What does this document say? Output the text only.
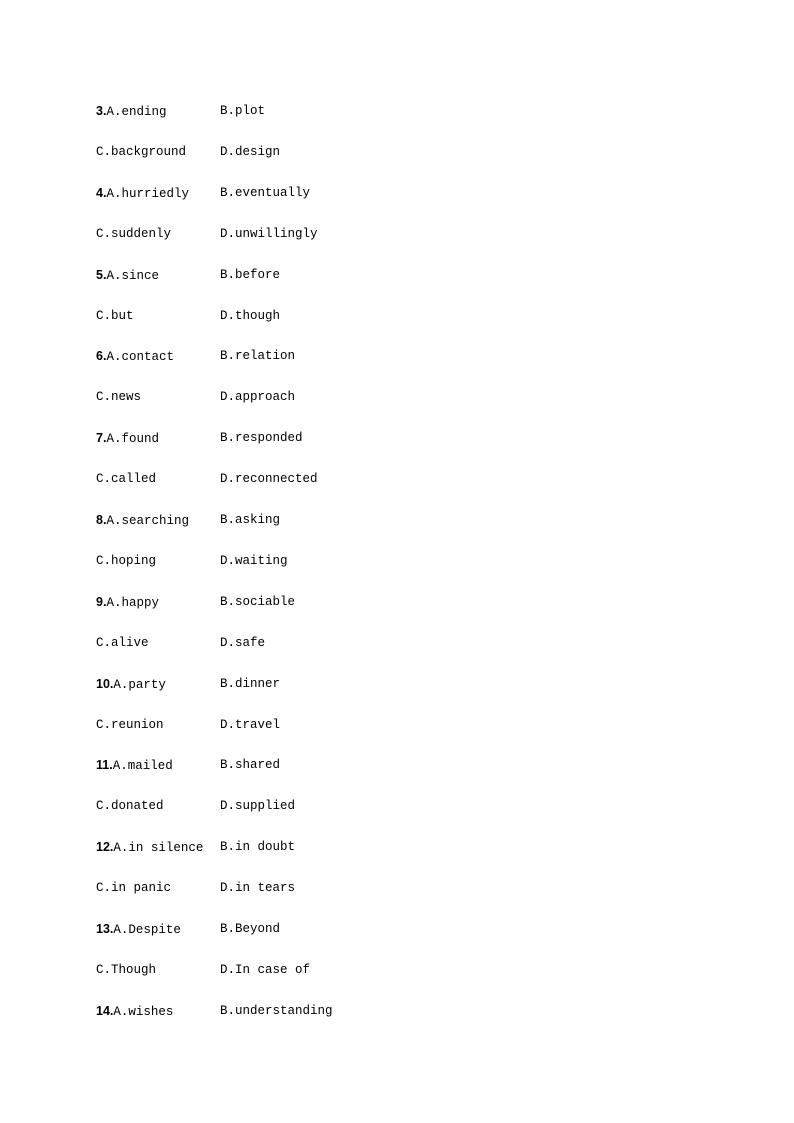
3.A.ending	B.plot
C.background	D.design
4.A.hurriedly B.eventually
C.suddenly	D.unwillingly
5.A.since	B.before
C.but	D.though
6.A.contact	B.relation
C.news	D.approach
7.A.found	B.responded
C.called	D.reconnected
8.A.searching B.asking
C.hoping	D.waiting
9.A.happy	B.sociable
C.alive	D.safe
10.A.party	B.dinner
C.reunion	D.travel
11.A.mailed	B.shared
C.donated	D.supplied
12.A.in silence B.in doubt
C.in panic	D.in tears
13.A.Despite	B.Beyond
C.Though	D.In case of
14.A.wishes	B.understanding
